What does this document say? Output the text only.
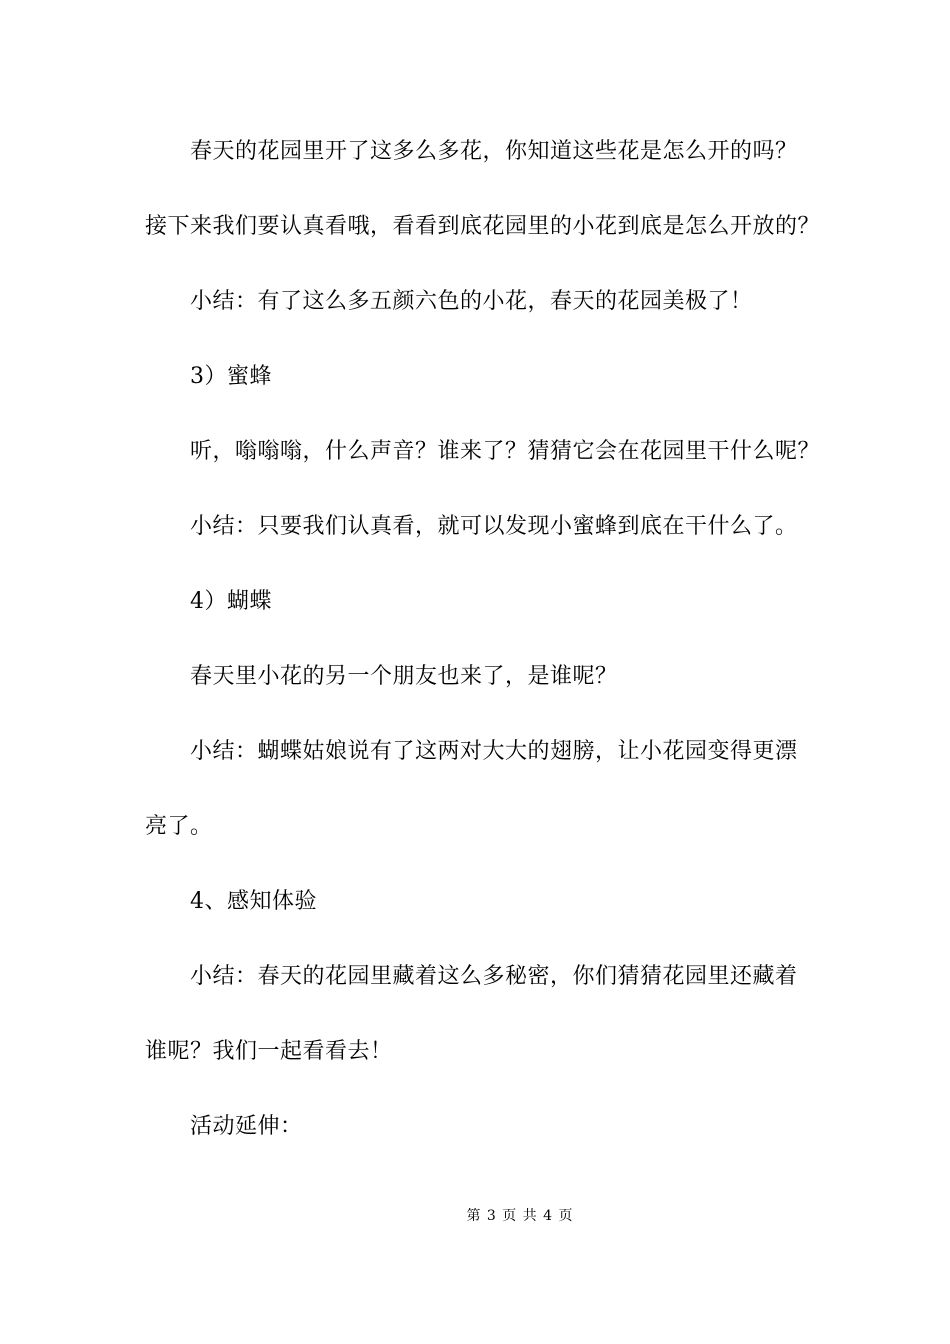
春天的花园里开了这多么多花，你知道这些花是怎么开的吗？
接下来我们要认真看哦，看看到底花园里的小花到底是怎么开放的？
小结：有了这么多五颜六色的小花，春天的花园美极了！
3）蜜蜂
听，嗡嗡嗡，什么声音？谁来了？猜猜它会在花园里干什么呢？
小结：只要我们认真看，就可以发现小蜜蜂到底在干什么了。
4）蝴蝶
春天里小花的另一个朋友也来了，是谁呢？
小结：蝴蝶姑娘说有了这两对大大的翅膀，让小花园变得更漂
亮了。
4、感知体验
小结：春天的花园里藏着这么多秘密，你们猜猜花园里还藏着
谁呢？我们一起看看去！
活动延伸：
第 3 页 共 4 页
